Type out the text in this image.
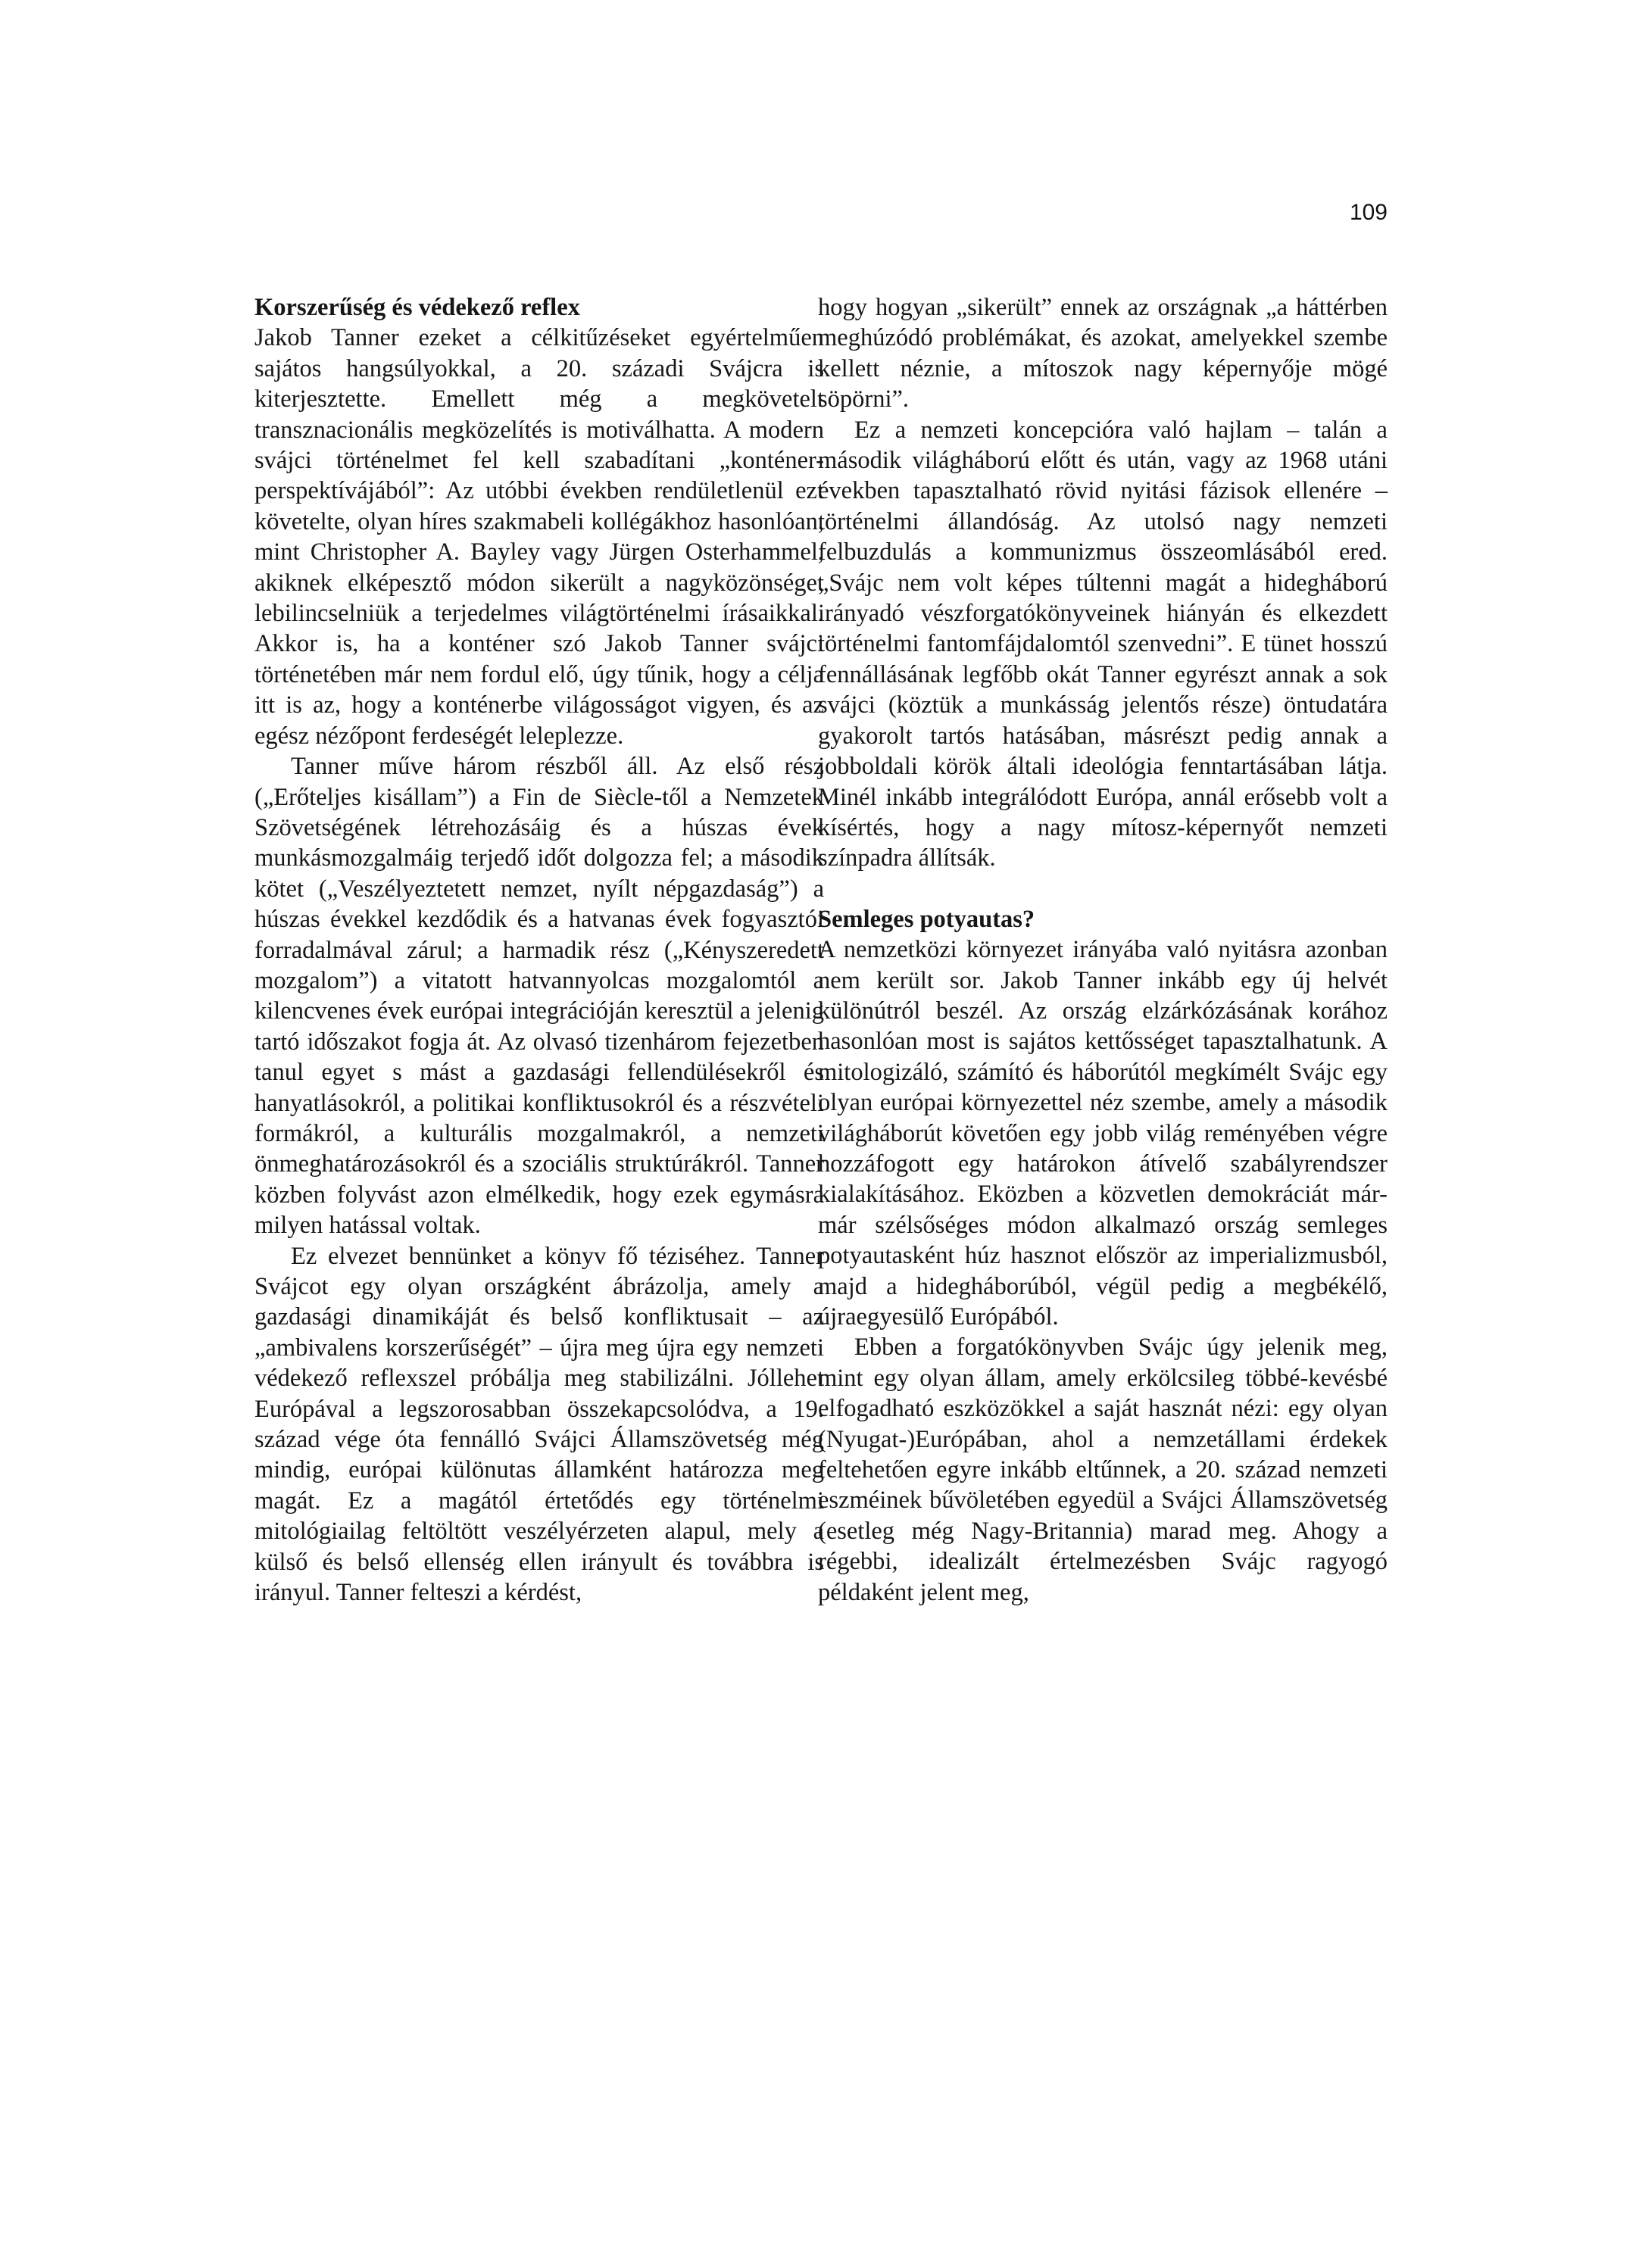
109
Korszerűség és védekező reflex

Jakob Tanner ezeket a célkitűzéseket egyértelműen sajátos hangsúlyokkal, a 20. századi Svájcra is kiterjesztette. Emellett még a megkövetelt transznacionális megközelítés is motiválhatta. A modern svájci történelmet fel kell szabadítani „konténer-perspektívájából”: Az utóbbi években rendületlenül ezt követelte, olyan híres szakmabeli kollégákhoz hasonlóan, mint Christopher A. Bayley vagy Jürgen Osterhammel, akiknek elképesztő módon sikerült a nagyközönséget lebilincselniük a terjedelmes világtörténelmi írásaikkal. Akkor is, ha a konténer szó Jakob Tanner svájci történetében már nem fordul elő, úgy tűnik, hogy a célja itt is az, hogy a konténerbe világosságot vigyen, és az egész nézőpont ferdeségét leleplezze.

Tanner műve három részből áll. Az első rész („Erőteljes kisállam”) a Fin de Siècle-től a Nemzetek Szövetségének létrehozásáig és a húszas évek munkásmozgalmáig terjedő időt dolgozza fel; a második kötet („Veszélyeztetett nemzet, nyílt népgazdaság”) a húszas évekkel kezdődik és a hatvanas évek fogyasztói forradalmával zárul; a harmadik rész („Kényszeredett mozgalom”) a vitatott hatvannyolcas mozgalomtól a kilencvenes évek európai integrációján keresztül a jelenig tartó időszakot fogja át. Az olvasó tizenhárom fejezetben tanul egyet s mást a gazdasági fellendülésekről és hanyatlásokról, a politikai konfliktusokról és a részvételi formákról, a kulturális mozgalmakról, a nemzeti önmeghatározásokról és a szociális struktúrákról. Tanner közben folyvást azon elmélkedik, hogy ezek egymásra milyen hatással voltak.

Ez elvezet bennünket a könyv fő téziséhez. Tanner Svájcot egy olyan országként ábrázolja, amely a gazdasági dinamikáját és belső konfliktusait – az „ambivalens korszerűségét” – újra meg újra egy nemzeti védekező reflexszel próbálja meg stabilizálni. Jóllehet Európával a legszorosabban összekapcsolódva, a 19. század vége óta fennálló Svájci Államszövetség még mindig, európai különutas államként határozza meg magát. Ez a magától értetődés egy történelmi mitológiailag feltöltött veszélyérzeten alapul, mely a külső és belső ellenség ellen irányult és továbbra is irányul. Tanner felteszi a kérdést,

hogy hogyan „sikerült” ennek az országnak „a háttérben meghúzódó problémákat, és azokat, amelyekkel szembe kellett néznie, a mítoszok nagy képernyője mögé söpörni”.

Ez a nemzeti koncepcióra való hajlam – talán a második világháború előtt és után, vagy az 1968 utáni években tapasztalható rövid nyitási fázisok ellenére – történelmi állandóság. Az utolsó nagy nemzeti felbuzdulás a kommunizmus összeomlásából ered. „Svájc nem volt képes túltenni magát a hidegháború irányadó vészforgatókönyveinek hiányán és elkezdett történelmi fantomfájdalomtól szenvedni”. E tünet hosszú fennállásának legfőbb okát Tanner egyrészt annak a sok svájci (köztük a munkásság jelentős része) öntudatára gyakorolt tartós hatásában, másrészt pedig annak a jobboldali körök általi ideológia fenntartásában látja. Minél inkább integrálódott Európa, annál erősebb volt a kísértés, hogy a nagy mítosz-képernyőt nemzeti színpadra állítsák.

Semleges potyautas?

A nemzetközi környezet irányába való nyitásra azonban nem került sor. Jakob Tanner inkább egy új helvét különútról beszél. Az ország elzárkózásának korához hasonlóan most is sajátos kettősséget tapasztalhatunk. A mitologizáló, számító és háborútól megkímélt Svájc egy olyan európai környezettel néz szembe, amely a második világháborút követően egy jobb világ reményében végre hozzáfogott egy határokon átívelő szabályrendszer kialakításához. Eközben a közvetlen demokráciát már-már szélsőséges módon alkalmazó ország semleges potyautasként húz hasznot először az imperializmusból, majd a hidegháborúból, végül pedig a megbékélő, újraegyesülő Európából.

Ebben a forgatókönyvben Svájc úgy jelenik meg, mint egy olyan állam, amely erkölcsileg többé-kevésbé elfogadható eszközökkel a saját hasznát nézi: egy olyan (Nyugat-)Európában, ahol a nemzetállami érdekek feltehetően egyre inkább eltűnnek, a 20. század nemzeti eszméinek bűvöletében egyedül a Svájci Államszövetség (esetleg még Nagy-Britannia) marad meg. Ahogy a régebbi, idealizált értelmezésben Svájc ragyogó példaként jelent meg,
